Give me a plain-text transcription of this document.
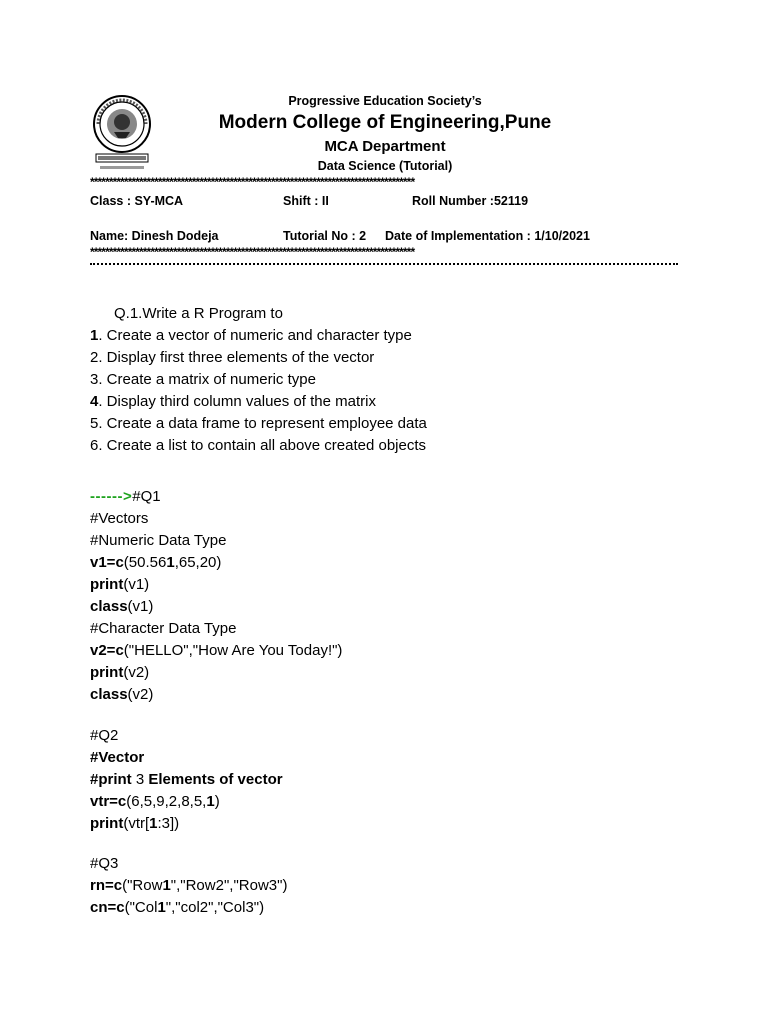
Progressive Education Society’s
Modern College of Engineering,Pune
MCA Department
Data Science (Tutorial)
**************************************************************************************
Class : SY-MCA	Shift : II	Roll Number :52119
Name: Dinesh Dodeja	Tutorial No : 2 Date of Implementation : 1/10/2021
**************************************************************************************
Q.1.Write a R Program to
1. Create a vector of numeric and character type
2. Display first three elements of the vector
3. Create a matrix of numeric type
4. Display third column values of the matrix
5. Create a data frame to represent employee data
6. Create a list to contain all above created objects
------>#Q1
#Vectors
#Numeric Data Type
v1=c(50.561,65,20)
print(v1)
class(v1)
#Character Data Type
v2=c("HELLO","How Are You Today!")
print(v2)
class(v2)
#Q2
#Vector
#print 3 Elements of vector
vtr=c(6,5,9,2,8,5,1)
print(vtr[1:3])
#Q3
rn=c("Row1","Row2","Row3")
cn=c("Col1","col2","Col3")
